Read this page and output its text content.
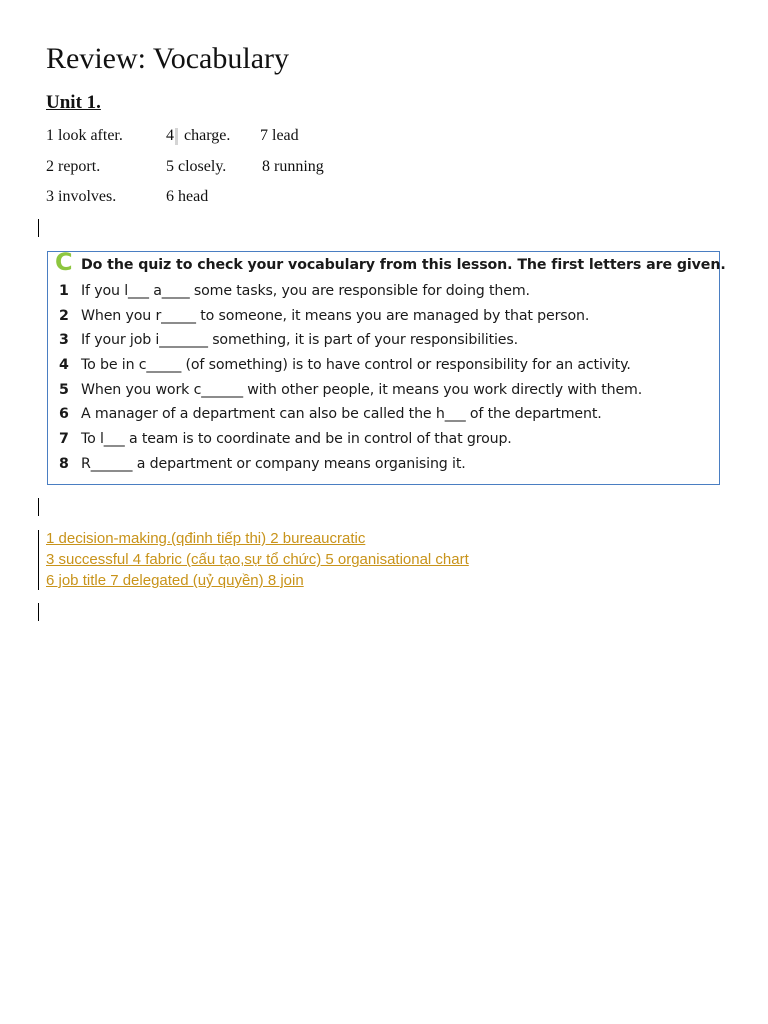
Review: Vocabulary
Unit 1.
1 look after.	4 charge. 7 lead
2 report.	5 closely. 8 running
3 involves.	6 head
C Do the quiz to check your vocabulary from this lesson. The first letters are given.
1 If you l___ a____ some tasks, you are responsible for doing them.
2 When you r_____ to someone, it means you are managed by that person.
3 If your job i_______ something, it is part of your responsibilities.
4 To be in c_____ (of something) is to have control or responsibility for an activity.
5 When you work c______ with other people, it means you work directly with them.
6 A manager of a department can also be called the h___ of the department.
7 To l___ a team is to coordinate and be in control of that group.
8 R______ a department or company means organising it.
1 decision-making.(qđinh tiếp thi) 2 bureaucratic
3 successful 4 fabric (cấu tạo,sự tổ chức) 5 organisational chart
6 job title 7 delegated (uỷ quyền) 8 join
